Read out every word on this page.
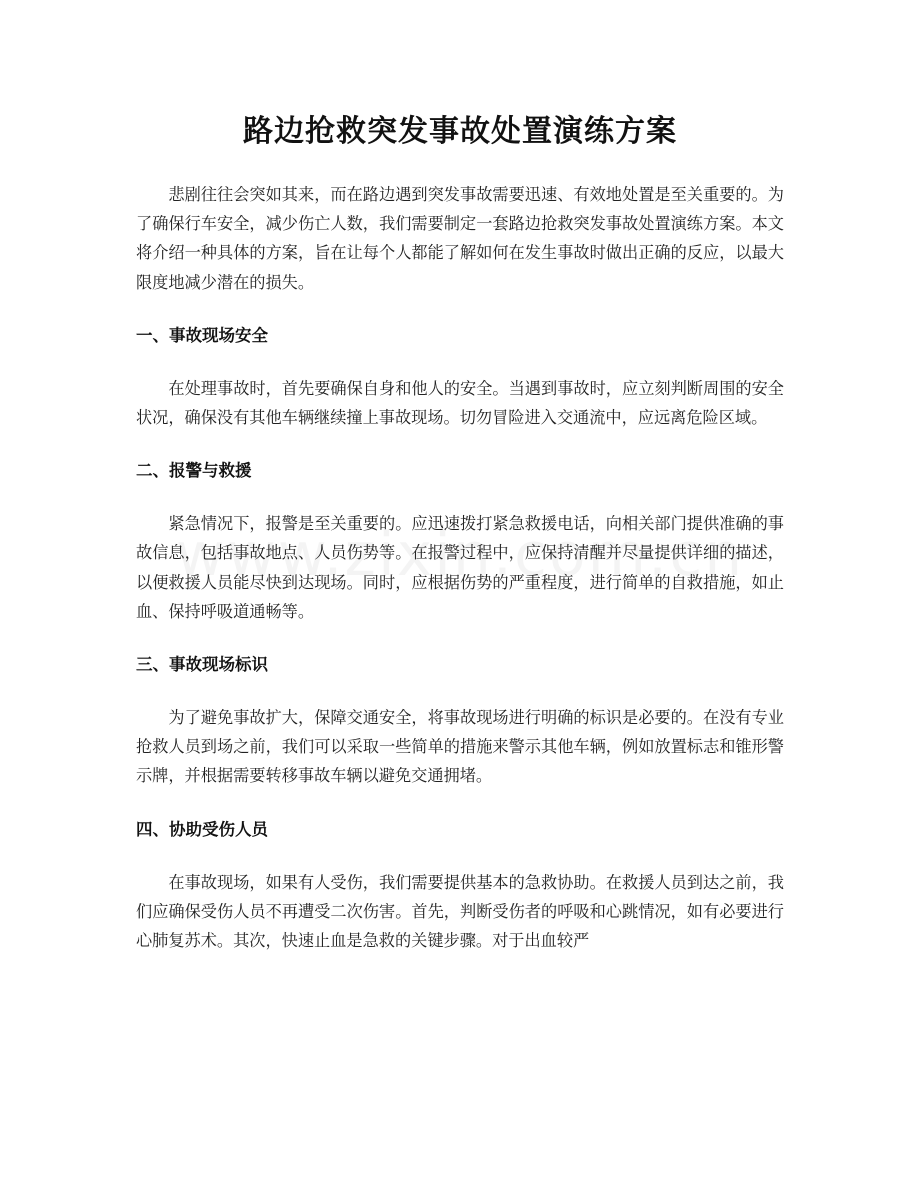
路边抢救突发事故处置演练方案

悲剧往往会突如其来，而在路边遇到突发事故需要迅速、有效地处置是至关重要的。为了确保行车安全，减少伤亡人数，我们需要制定一套路边抢救突发事故处置演练方案。本文将介绍一种具体的方案，旨在让每个人都能了解如何在发生事故时做出正确的反应，以最大限度地减少潜在的损失。

一、事故现场安全

在处理事故时，首先要确保自身和他人的安全。当遇到事故时，应立刻判断周围的安全状况，确保没有其他车辆继续撞上事故现场。切勿冒险进入交通流中，应远离危险区域。

二、报警与救援

紧急情况下，报警是至关重要的。应迅速拨打紧急救援电话，向相关部门提供准确的事故信息，包括事故地点、人员伤势等。在报警过程中，应保持清醒并尽量提供详细的描述，以便救援人员能尽快到达现场。同时，应根据伤势的严重程度，进行简单的自救措施，如止血、保持呼吸道通畅等。

三、事故现场标识

为了避免事故扩大，保障交通安全，将事故现场进行明确的标识是必要的。在没有专业抢救人员到场之前，我们可以采取一些简单的措施来警示其他车辆，例如放置标志和锥形警示牌，并根据需要转移事故车辆以避免交通拥堵。

四、协助受伤人员

在事故现场，如果有人受伤，我们需要提供基本的急救协助。在救援人员到达之前，我们应确保受伤人员不再遭受二次伤害。首先，判断受伤者的呼吸和心跳情况，如有必要进行心肺复苏术。其次，快速止血是急救的关键步骤。对于出血较严
